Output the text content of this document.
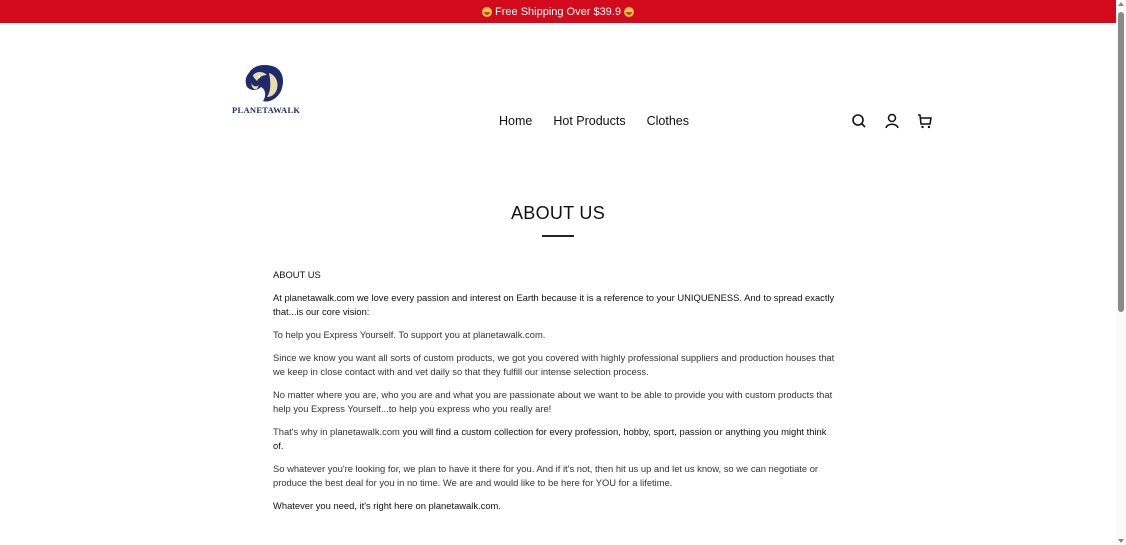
Free Shipping Over $39.9
PLANETAWALK
Home Hot Products Clothes
ABOUT US

ABOUT US

At planetawalk.com we love every passion and interest on Earth because it is a reference to your UNIQUENESS. And to spread exactly that...is our core vision:

To help you Express Yourself. To support you at planetawalk.com.

Since we know you want all sorts of custom products, we got you covered with highly professional suppliers and production houses that we keep in close contact with and vet daily so that they fulfill our intense selection process.

No matter where you are, who you are and what you are passionate about we want to be able to provide you with custom products that help you Express Yourself...to help you express who you really are!

That's why in planetawalk.com you will find a custom collection for every profession, hobby, sport, passion or anything you might think of.

So whatever you're looking for, we plan to have it there for you. And if it's not, then hit us up and let us know, so we can negotiate or produce the best deal for you in no time. We are and would like to be here for YOU for a lifetime.

Whatever you need, it's right here on planetawalk.com.
